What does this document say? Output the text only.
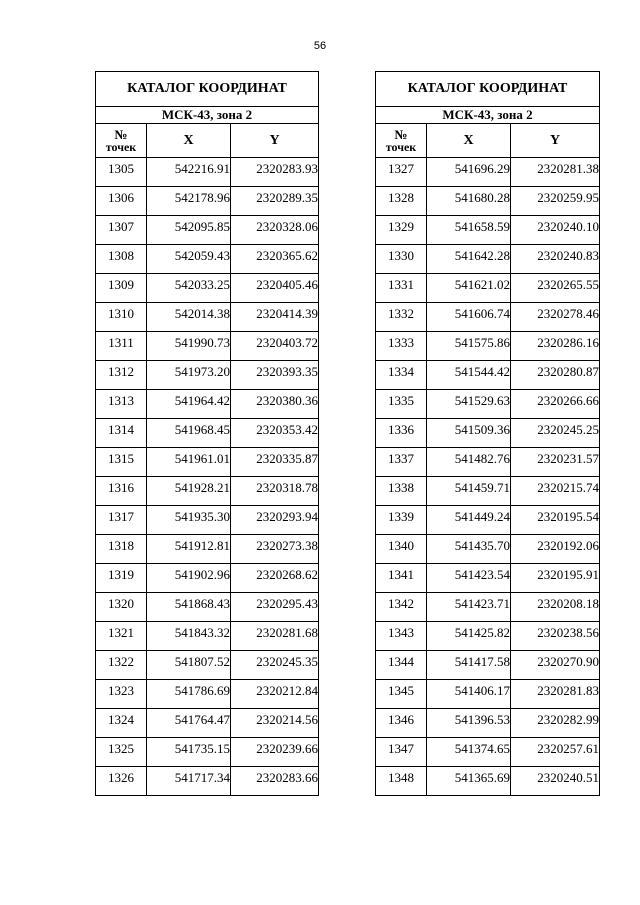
56
КАТАЛОГ КООРДИНАТ		
МСК-43, зона 2		

№
точек	X	Y
1305	542216.91	2320283.93
1306	542178.96	2320289.35
1307	542095.85	2320328.06
1308	542059.43	2320365.62
1309	542033.25	2320405.46
1310	542014.38	2320414.39
1311	541990.73	2320403.72
1312	541973.20	2320393.35
1313	541964.42	2320380.36
1314	541968.45	2320353.42
1315	541961.01	2320335.87
1316	541928.21	2320318.78
1317	541935.30	2320293.94
1318	541912.81	2320273.38
1319	541902.96	2320268.62
1320	541868.43	2320295.43
1321	541843.32	2320281.68
1322	541807.52	2320245.35
1323	541786.69	2320212.84
1324	541764.47	2320214.56
1325	541735.15	2320239.66
1326	541717.34	2320283.66
КАТАЛОГ КООРДИНАТ		
МСК-43, зона 2		

№
точек	X	Y
1327	541696.29	2320281.38
1328	541680.28	2320259.95
1329	541658.59	2320240.10
1330	541642.28	2320240.83
1331	541621.02	2320265.55
1332	541606.74	2320278.46
1333	541575.86	2320286.16
1334	541544.42	2320280.87
1335	541529.63	2320266.66
1336	541509.36	2320245.25
1337	541482.76	2320231.57
1338	541459.71	2320215.74
1339	541449.24	2320195.54
1340	541435.70	2320192.06
1341	541423.54	2320195.91
1342	541423.71	2320208.18
1343	541425.82	2320238.56
1344	541417.58	2320270.90
1345	541406.17	2320281.83
1346	541396.53	2320282.99
1347	541374.65	2320257.61
1348	541365.69	2320240.51
